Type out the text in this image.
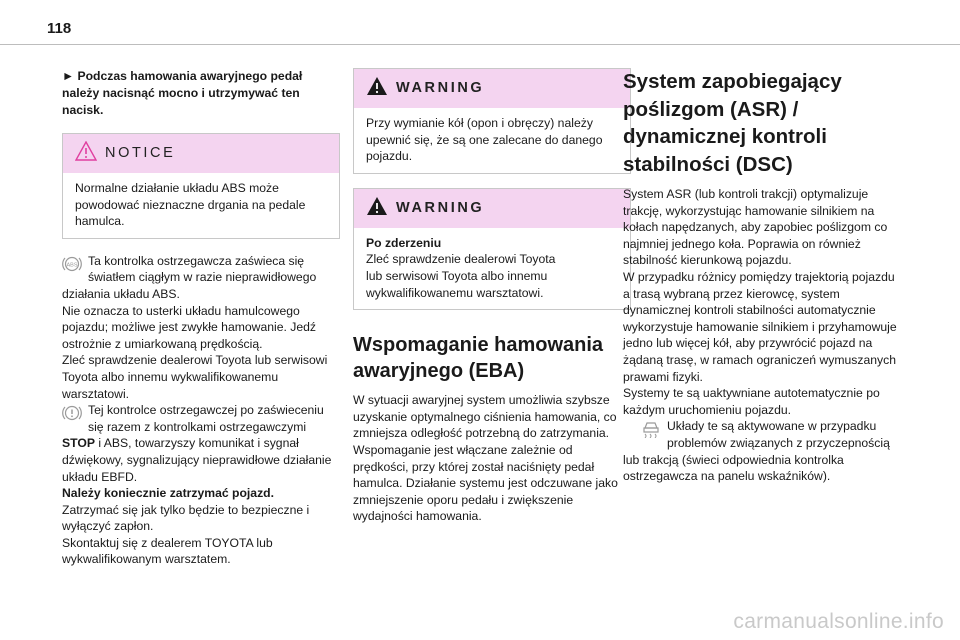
118

► Podczas hamowania awaryjnego pedał należy nacisnąć mocno i utrzymywać ten nacisk.

NOTICE

Normalne działanie układu ABS może powodować nieznaczne drgania na pedale hamulca.

ABS Ta kontrolka ostrzegawcza zaświeca się światłem ciągłym w razie nieprawidłowego działania układu ABS.

Nie oznacza to usterki układu hamulcowego pojazdu; możliwe jest zwykłe hamowanie. Jedź ostrożnie z umiarkowaną prędkością.

Zleć sprawdzenie dealerowi Toyota lub serwisowi Toyota albo innemu wykwalifikowanemu warsztatowi.

Tej kontrolce ostrzegawczej po zaświeceniu się razem z kontrolkami ostrzegawczymi STOP i ABS, towarzyszy komunikat i sygnał dźwiękowy, sygnalizujący nieprawidłowe działanie układu EBFD.

Należy koniecznie zatrzymać pojazd.

Zatrzymać się jak tylko będzie to bezpieczne i wyłączyć zapłon.

Skontaktuj się z dealerem TOYOTA lub wykwalifikowanym warsztatem.

WARNING

Przy wymianie kół (opon i obręczy) należy upewnić się, że są one zalecane do danego pojazdu.

WARNING

Po zderzeniu

Zleć sprawdzenie dealerowi Toyota lub serwisowi Toyota albo innemu wykwalifikowanemu warsztatowi.

Wspomaganie hamowania awaryjnego (EBA)

W sytuacji awaryjnej system umożliwia szybsze uzyskanie optymalnego ciśnienia hamowania, co zmniejsza odległość potrzebną do zatrzymania.

Wspomaganie jest włączane zależnie od prędkości, przy której został naciśnięty pedał hamulca. Działanie systemu jest odczuwane jako zmniejszenie oporu pedału i zwiększenie wydajności hamowania.

System zapobiegający poślizgom (ASR) / dynamicznej kontroli stabilności (DSC)

System ASR (lub kontroli trakcji) optymalizuje trakcję, wykorzystując hamowanie silnikiem na kołach napędzanych, aby zapobiec poślizgom co najmniej jednego koła. Poprawia on również stabilność kierunkową pojazdu.

W przypadku różnicy pomiędzy trajektorią pojazdu a trasą wybraną przez kierowcę, system dynamicznej kontroli stabilności automatycznie wykorzystuje hamowanie silnikiem i przyhamowuje jedno lub więcej kół, aby przywrócić pojazd na żądaną trasę, w ramach ograniczeń wymuszanych prawami fizyki.

Systemy te są uaktywniane autotematycznie po każdym uruchomieniu pojazdu.

Układy te są aktywowane w przypadku problemów związanych z przyczepnością lub trakcją (świeci odpowiednia kontrolka ostrzegawcza na panelu wskaźników).

carmanualsonline.info
